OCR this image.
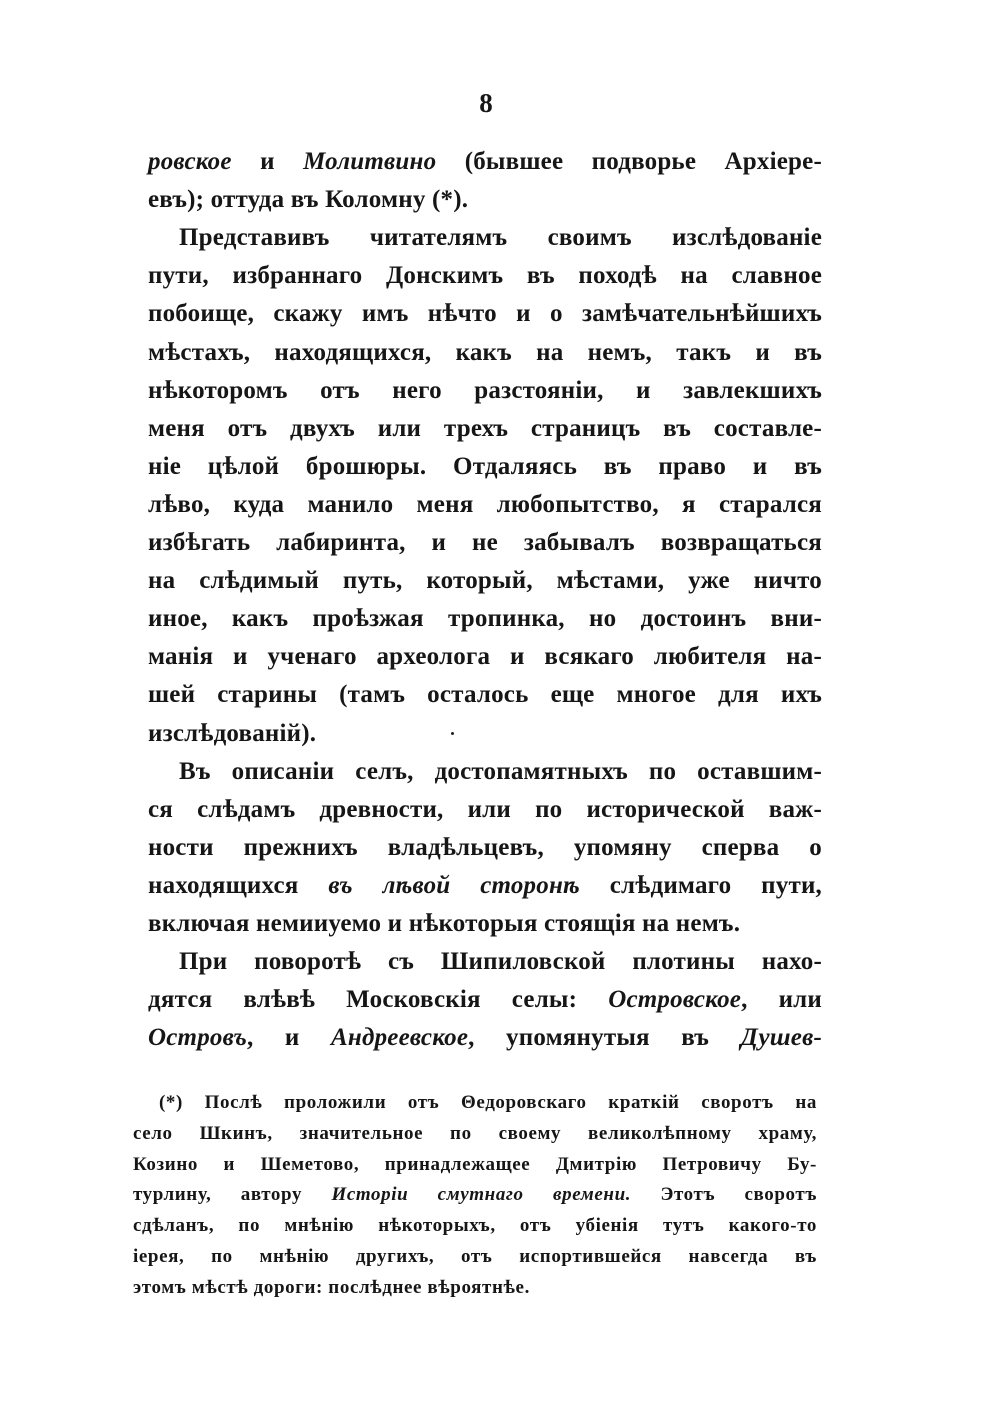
8
ровское и Молитвино (бывшее подворье Архiере-
евъ); оттуда въ Коломну (*).
Представивъ читателямъ своимъ изслѣдованiе
пути, избраннаго Донскимъ въ походѣ на славное
побоище, скажу имъ нѣчто и о замѣчательнѣйшихъ
мѣстахъ, находящихся, какъ на немъ, такъ и въ
нѣкоторомъ отъ него разстоянiи, и завлекшихъ
меня отъ двухъ или трехъ страницъ въ составле-
нiе цѣлой брошюры. Отдаляясь въ право и въ
лѣво, куда манило меня любопытство, я старался
избѣгать лабиринта, и не забывалъ возвращаться
на слѣдимый путь, который, мѣстами, уже ничто
иное, какъ проѣзжая тропинка, но достоинъ вни-
манiя и ученаго археолога и всякаго любителя на-
шей старины (тамъ осталось еще многое для ихъ
изслѣдованiй).
Въ описанiи селъ, достопамятныхъ по оставшим-
ся слѣдамъ древности, или по исторической важ-
ности прежнихъ владѣльцевъ, упомяну сперва о
находящихся въ лѣвой сторонѣ слѣдимаго пути,
включая немииуемо и нѣкоторыя стоящiя на немъ.
При поворотѣ съ Шипиловской плотины нахо-
дятся влѣвѣ Московскiя селы: Островское, или
Островъ, и Андреевское, упомянутыя въ Душев-
(*) Послѣ проложили отъ Θедоровскаго краткiй своротъ на
село Шкинъ, значительное по своему великолѣпному храму,
Козино и Шеметово, принадлежащее Дмитрiю Петровичу Бу-
турлину, автору Исторiи смутнаго времени. Этотъ своротъ
сдѣланъ, по мнѣнiю нѣкоторыхъ, отъ убiенiя тутъ какого-то
iерея, по мнѣнiю другихъ, отъ испортившейся навсегда въ
этомъ мѣстѣ дороги: послѣднее вѣроятнѣе.
